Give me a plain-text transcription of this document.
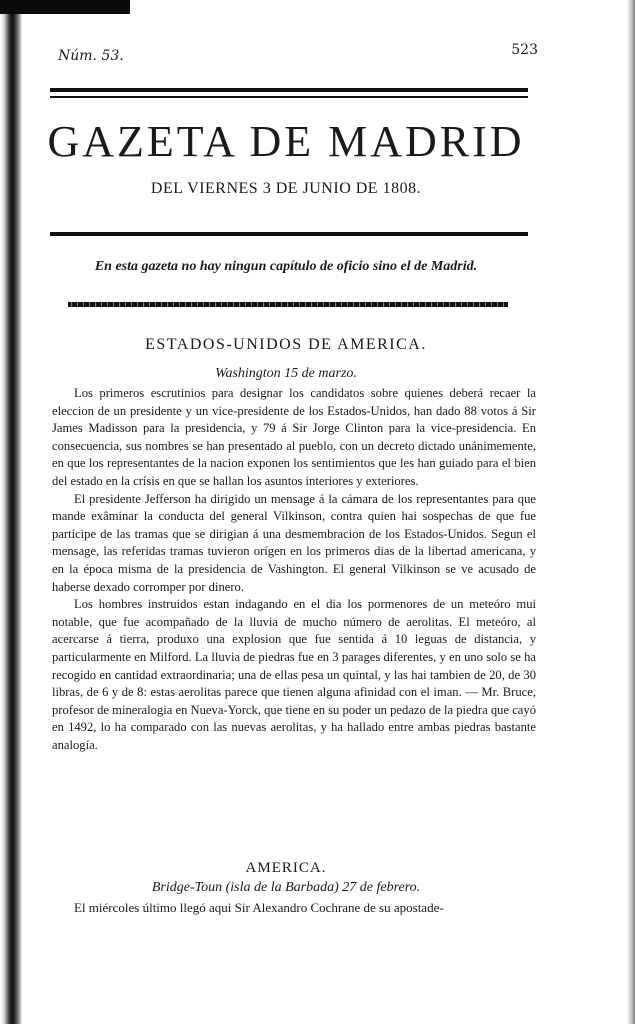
Núm. 53.	523
GAZETA DE MADRID
DEL VIERNES 3 DE JUNIO DE 1808.
En esta gazeta no hay ningun capítulo de oficio sino el de Madrid.
ESTADOS-UNIDOS DE AMERICA.
Washington 15 de marzo.

Los primeros escrutinios para designar los candidatos sobre quienes deberá recaer la eleccion de un presidente y un vice-presidente de los Estados-Unidos, han dado 88 votos á Sir James Madisson para la presidencia, y 79 á Sir Jorge Clinton para la vice-presidencia. En consecuencia, sus nombres se han presentado al pueblo, con un decreto dictado unánimemente, en que los representantes de la nacion exponen los sentimientos que les han guiado para el bien del estado en la crísis en que se hallan los asuntos interiores y exteriores.

El presidente Jefferson ha dirigido un mensage á la cámara de los representantes para que mande exâminar la conducta del general Vilkinson, contra quien hai sospechas de que fue partícipe de las tramas que se dirigian á una desmembracion de los Estados-Unidos. Segun el mensage, las referidas tramas tuvieron orígen en los primeros dias de la libertad americana, y en la época misma de la presidencia de Vashington. El general Vilkinson se ve acusado de haberse dexado corromper por dinero.

Los hombres instruidos estan indagando en el dia los pormenores de un meteóro mui notable, que fue acompañado de la lluvia de mucho número de aerolitas. El meteóro, al acercarse á tierra, produxo una explosion que fue sentida á 10 leguas de distancia, y particularmente en Milford. La lluvia de piedras fue en 3 parages diferentes, y en uno solo se ha recogido en cantidad extraordinaria; una de ellas pesa un quintal, y las hai tambien de 20, de 30 libras, de 6 y de 8: estas aerolitas parece que tienen alguna afinidad con el iman. — Mr. Bruce, profesor de mineralogia en Nueva-Yorck, que tiene en su poder un pedazo de la piedra que cayó en 1492, lo ha comparado con las nuevas aerolitas, y ha hallado entre ambas piedras bastante analogía.

AMERICA.
Bridge-Toun (isla de la Barbada) 27 de febrero.
El miércoles último llegó aqui Sir Alexandro Cochrane de su apostade-
